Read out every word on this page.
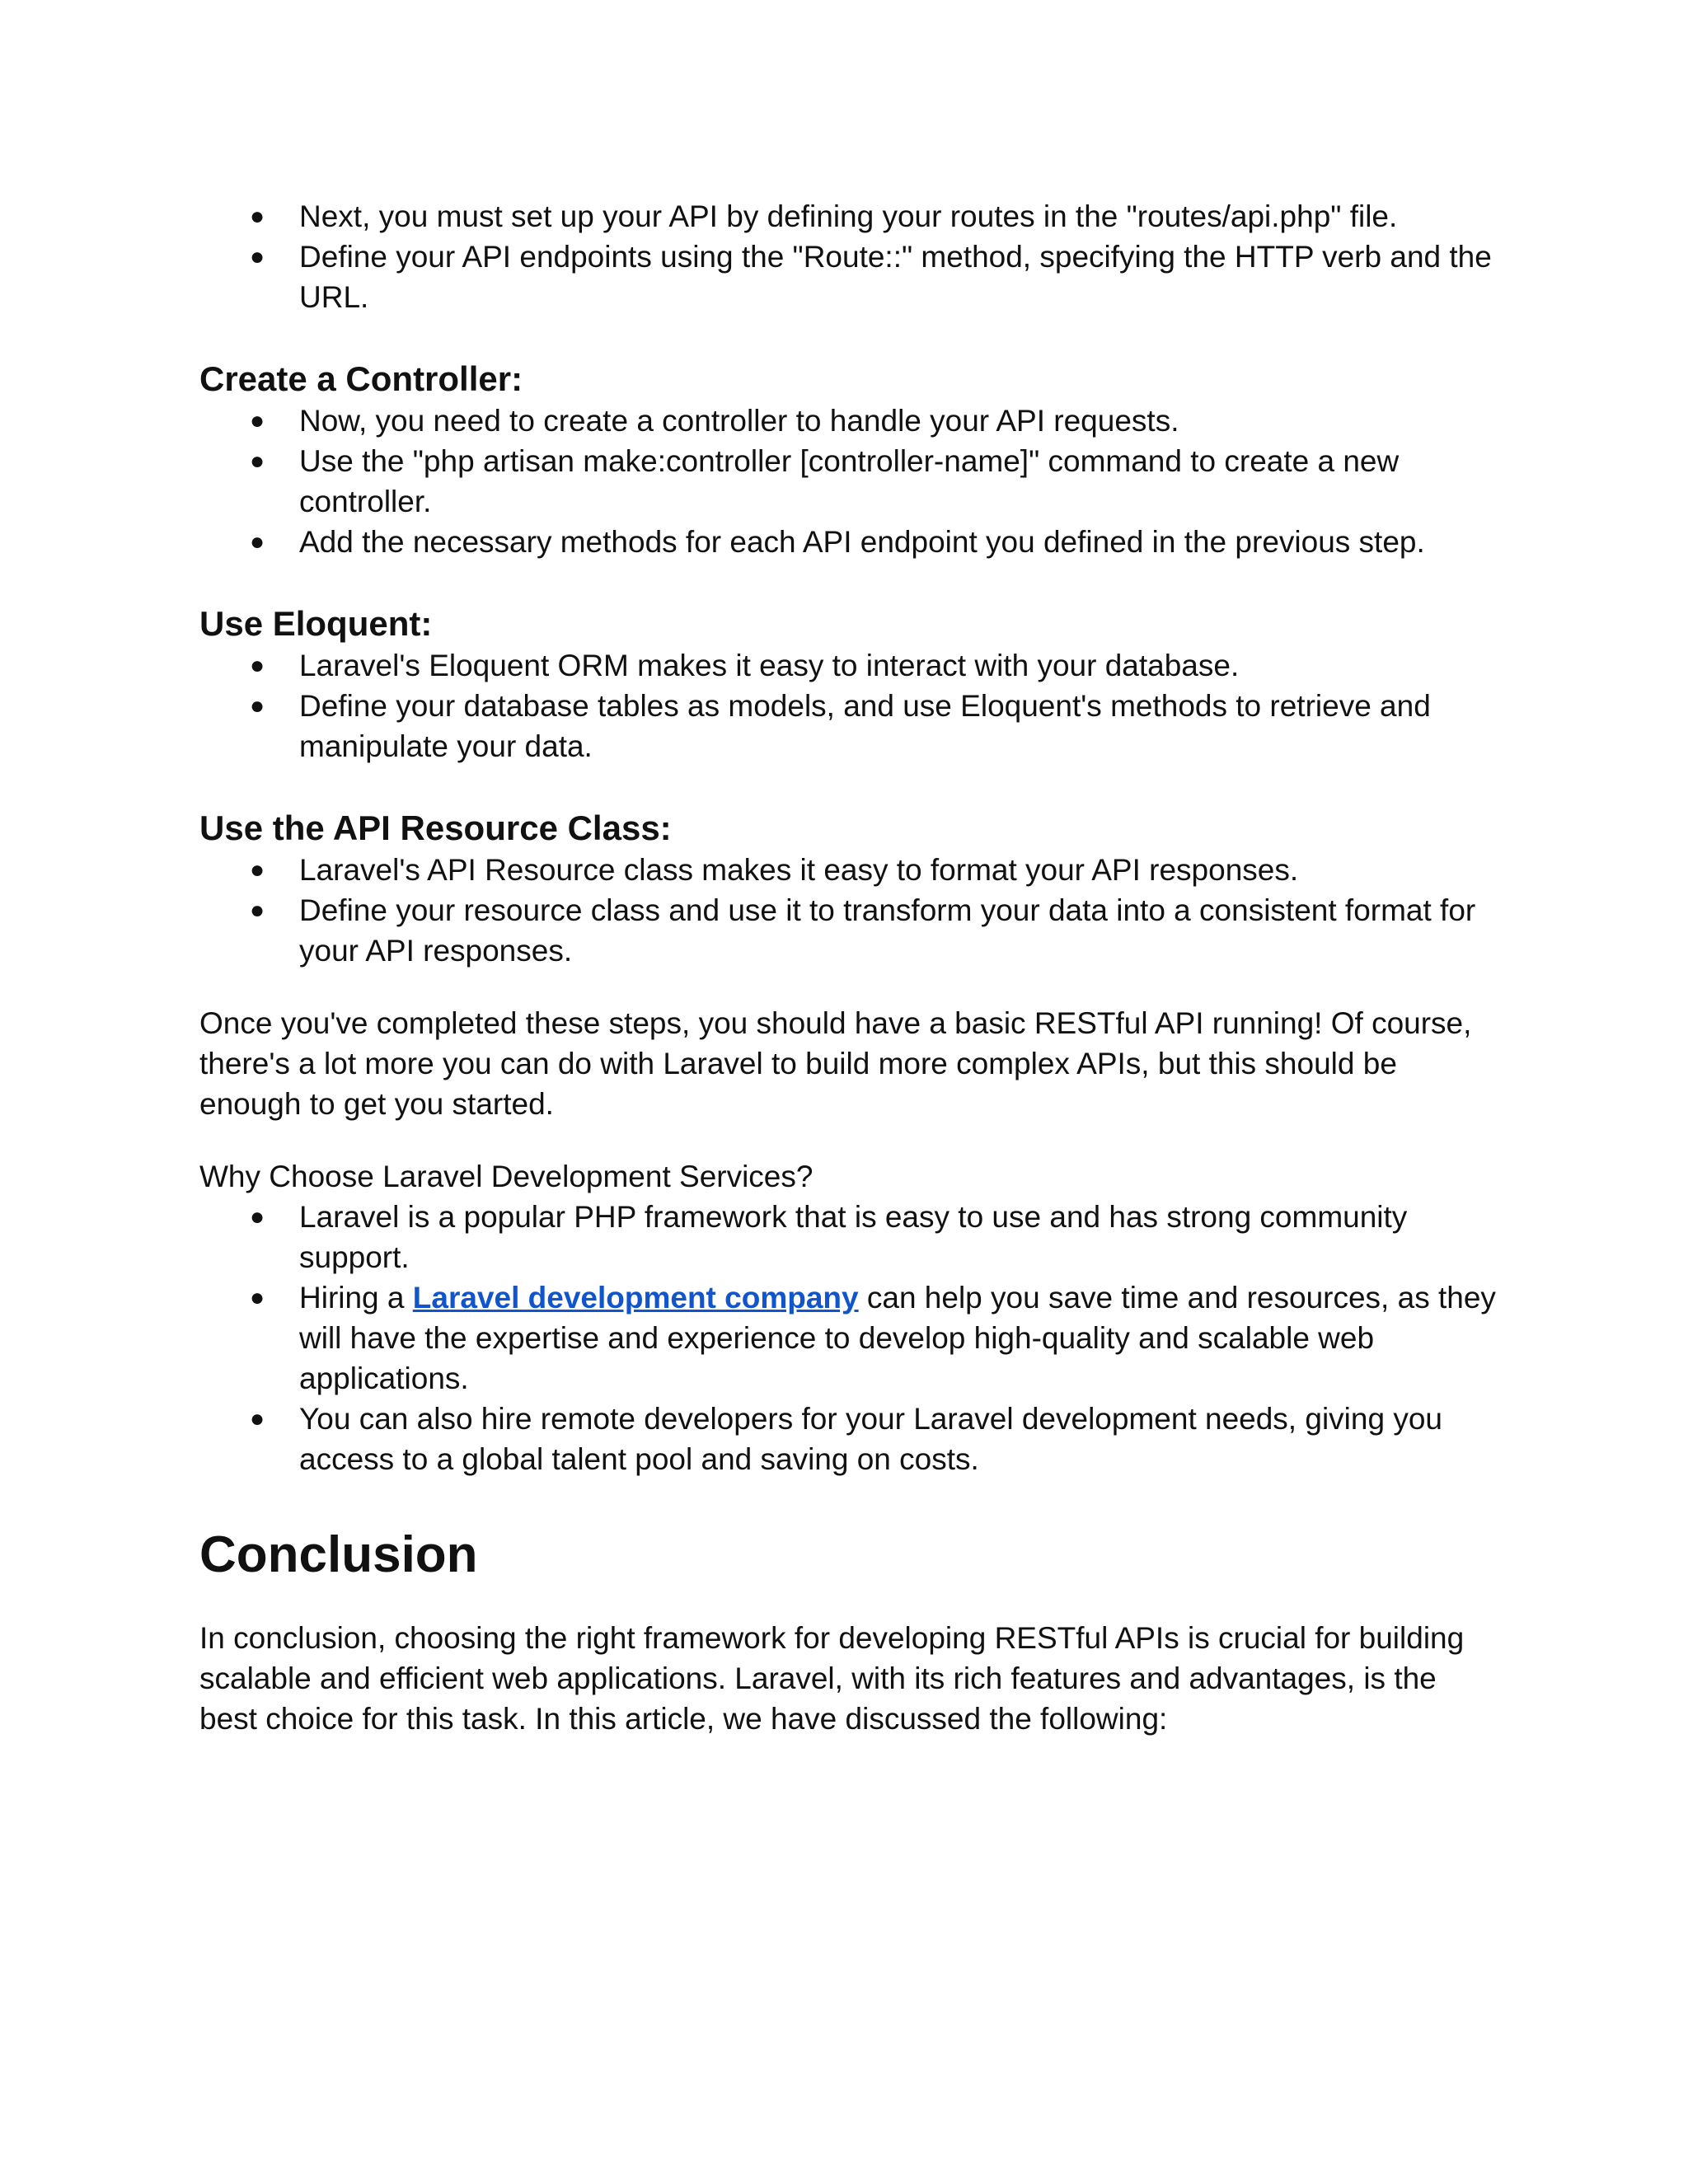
● Next, you must set up your API by defining your routes in the "routes/api.php" file.
● Define your API endpoints using the "Route::" method, specifying the HTTP verb and the URL.
Create a Controller:
● Now, you need to create a controller to handle your API requests.
● Use the "php artisan make:controller [controller-name]" command to create a new controller.
● Add the necessary methods for each API endpoint you defined in the previous step.
Use Eloquent:
● Laravel's Eloquent ORM makes it easy to interact with your database.
● Define your database tables as models, and use Eloquent's methods to retrieve and manipulate your data.
Use the API Resource Class:
● Laravel's API Resource class makes it easy to format your API responses.
● Define your resource class and use it to transform your data into a consistent format for your API responses.

Once you've completed these steps, you should have a basic RESTful API running! Of course, there's a lot more you can do with Laravel to build more complex APIs, but this should be enough to get you started.

Why Choose Laravel Development Services?

● Laravel is a popular PHP framework that is easy to use and has strong community support.
● Hiring a Laravel development company can help you save time and resources, as they will have the expertise and experience to develop high-quality and scalable web applications.
● You can also hire remote developers for your Laravel development needs, giving you access to a global talent pool and saving on costs.
Conclusion

In conclusion, choosing the right framework for developing RESTful APIs is crucial for building scalable and efficient web applications. Laravel, with its rich features and advantages, is the best choice for this task. In this article, we have discussed the following:
